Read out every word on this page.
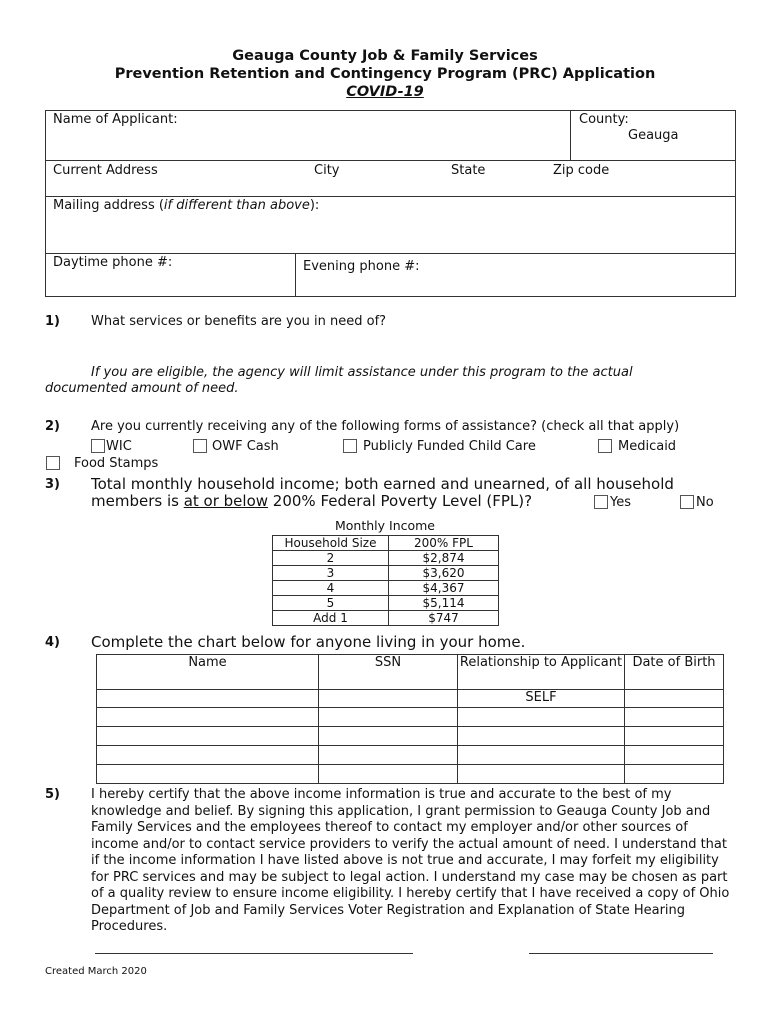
Geauga County Job & Family Services
Prevention Retention and Contingency Program (PRC) Application
COVID-19
Name of Applicant:	County:
Geauga
Current Address	City	State	Zip code
Mailing address (if different than above):
Daytime phone #:	Evening phone #:
1) What services or benefits are you in need of?
If you are eligible, the agency will limit assistance under this program to the actual
documented amount of need.
2) Are you currently receiving any of the following forms of assistance? (check all that apply)
WIC	OWF Cash	Publicly Funded Child Care	Medicaid
Food Stamps
3) Total monthly household income; both earned and unearned, of all household
members is at or below 200% Federal Poverty Level (FPL)?	Yes	No
Monthly Income
Household Size	200% FPL
2	$2,874
3	$3,620
4	$4,367
5	$5,114
Add 1	$747
4) Complete the chart below for anyone living in your home.
Name	SSN	Relationship to Applicant	Date of Birth
		SELF	

5) I hereby certify that the above income information is true and accurate to the best of my knowledge and belief. By signing this application, I grant permission to Geauga County Job and Family Services and the employees thereof to contact my employer and/or other sources of income and/or to contact service providers to verify the actual amount of need. I understand that if the income information I have listed above is not true and accurate, I may forfeit my eligibility for PRC services and may be subject to legal action. I understand my case may be chosen as part of a quality review to ensure income eligibility. I hereby certify that I have received a copy of Ohio Department of Job and Family Services Voter Registration and Explanation of State Hearing Procedures.
Created March 2020
